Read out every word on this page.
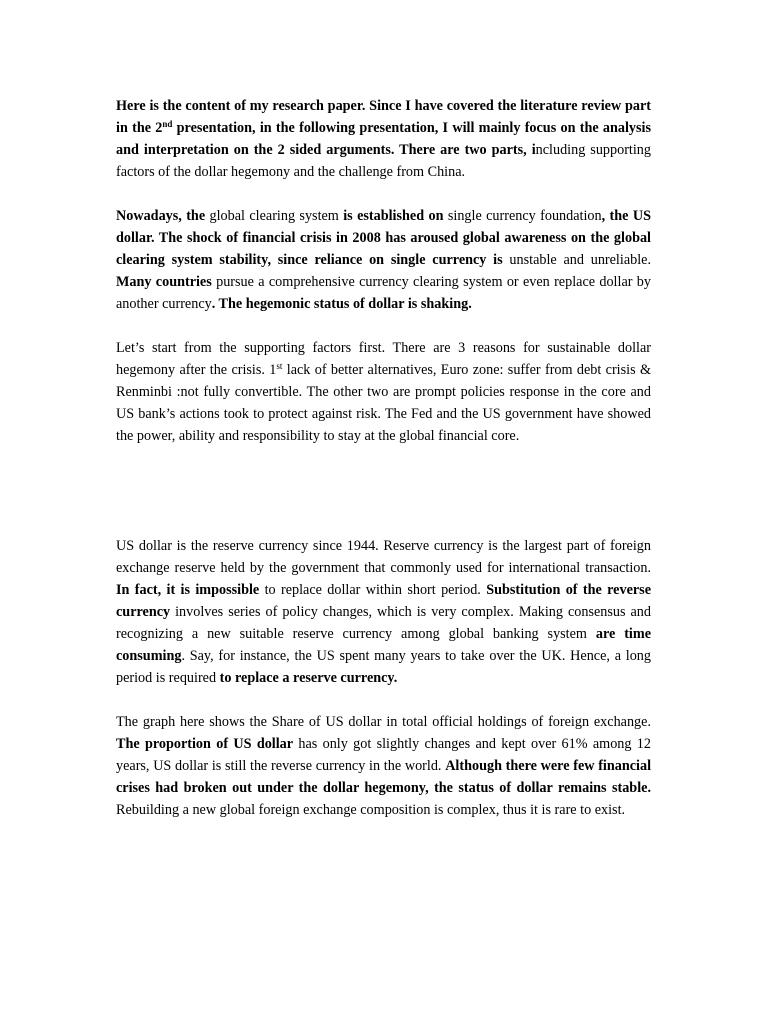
Here is the content of my research paper. Since I have covered the literature review part in the 2nd presentation, in the following presentation, I will mainly focus on the analysis and interpretation on the 2 sided arguments. There are two parts, including supporting factors of the dollar hegemony and the challenge from China.

Nowadays, the global clearing system is established on single currency foundation, the US dollar. The shock of financial crisis in 2008 has aroused global awareness on the global clearing system stability, since reliance on single currency is unstable and unreliable. Many countries pursue a comprehensive currency clearing system or even replace dollar by another currency. The hegemonic status of dollar is shaking.

Let’s start from the supporting factors first. There are 3 reasons for sustainable dollar hegemony after the crisis. 1st lack of better alternatives, Euro zone: suffer from debt crisis & Renminbi :not fully convertible. The other two are prompt policies response in the core and US bank’s actions took to protect against risk. The Fed and the US government have showed the power, ability and responsibility to stay at the global financial core.

US dollar is the reserve currency since 1944. Reserve currency is the largest part of foreign exchange reserve held by the government that commonly used for international transaction. In fact, it is impossible to replace dollar within short period. Substitution of the reverse currency involves series of policy changes, which is very complex. Making consensus and recognizing a new suitable reserve currency among global banking system are time consuming. Say, for instance, the US spent many years to take over the UK. Hence, a long period is required to replace a reserve currency.

The graph here shows the Share of US dollar in total official holdings of foreign exchange. The proportion of US dollar has only got slightly changes and kept over 61% among 12 years, US dollar is still the reverse currency in the world. Although there were few financial crises had broken out under the dollar hegemony, the status of dollar remains stable. Rebuilding a new global foreign exchange composition is complex, thus it is rare to exist.
